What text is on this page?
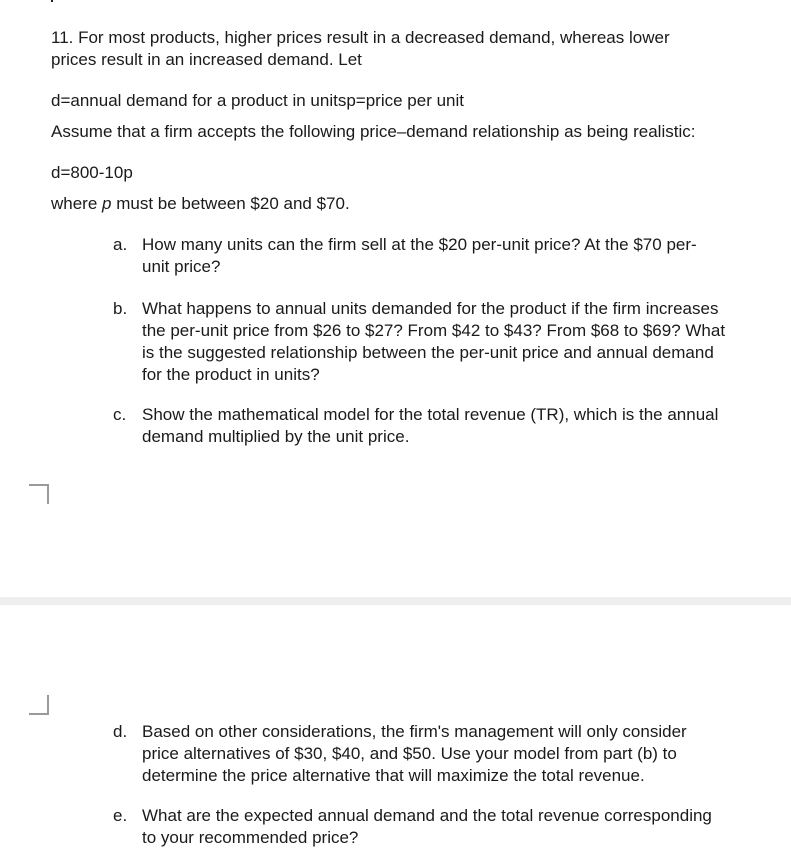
11. For most products, higher prices result in a decreased demand, whereas lower

prices result in an increased demand. Let

d=annual demand for a product in unitsp=price per unit

Assume that a firm accepts the following price–demand relationship as being realistic:

d=800-10p

where p must be between $20 and $70.

a. How many units can the firm sell at the $20 per-unit price? At the $70 per-
unit price?
b. What happens to annual units demanded for the product if the firm increases
the per-unit price from $26 to $27? From $42 to $43? From $68 to $69? What
is the suggested relationship between the per-unit price and annual demand
for the product in units?
c. Show the mathematical model for the total revenue (TR), which is the annual
demand multiplied by the unit price.
d. Based on other considerations, the firm's management will only consider
price alternatives of $30, $40, and $50. Use your model from part (b) to
determine the price alternative that will maximize the total revenue.
e. What are the expected annual demand and the total revenue corresponding
to your recommended price?
